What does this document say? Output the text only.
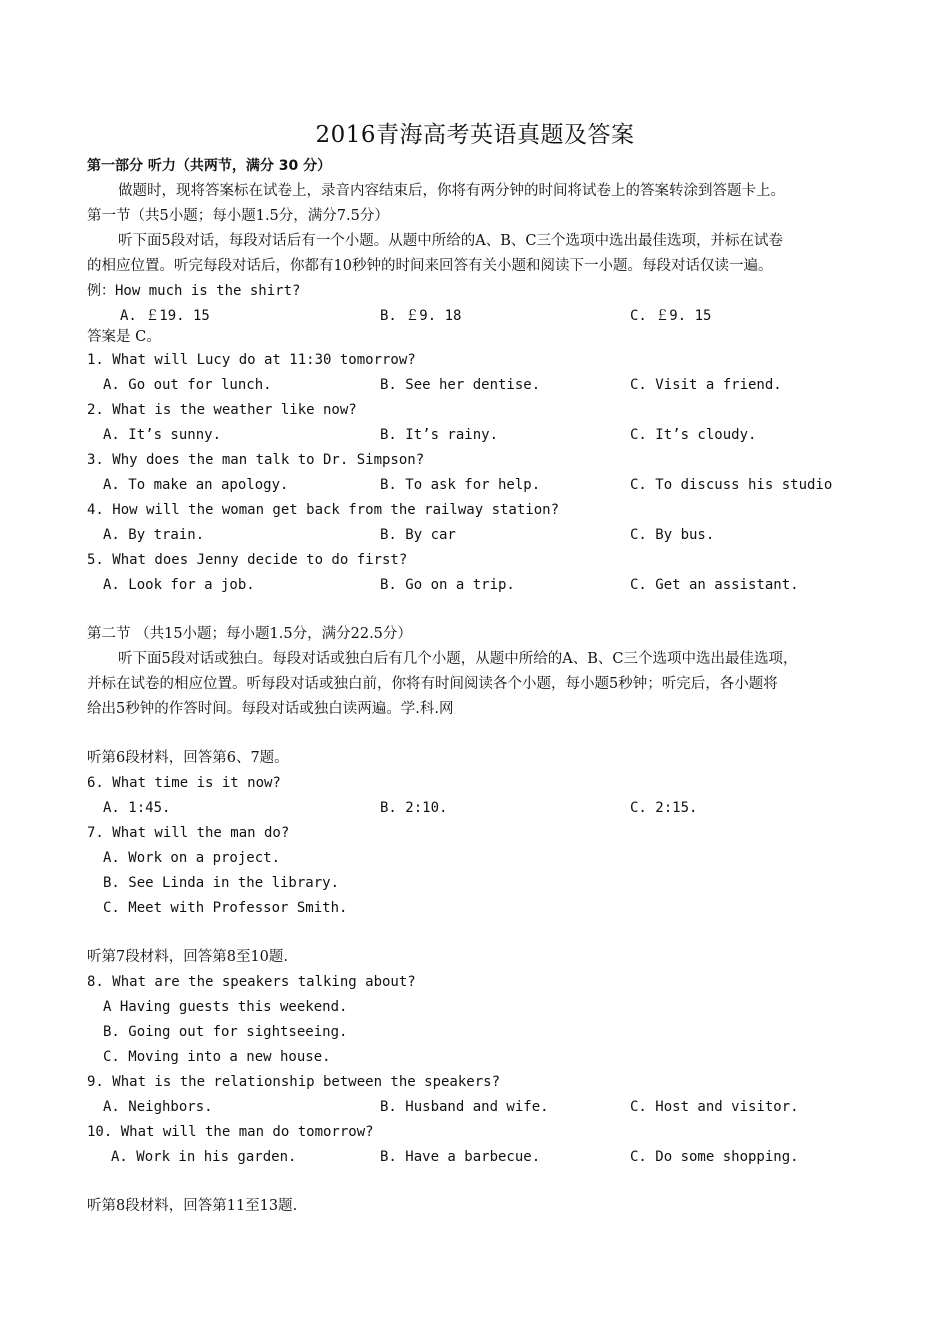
2016青海高考英语真题及答案
第一部分 听力（共两节，满分 30 分）
做题时，现将答案标在试卷上，录音内容结束后，你将有两分钟的时间将试卷上的答案转涂到答题卡上。
第一节（共5小题；每小题1.5分，满分7.5分）
听下面5段对话，每段对话后有一个小题。从题中所给的A、B、C三个选项中选出最佳选项，并标在试卷
的相应位置。听完每段对话后，你都有10秒钟的时间来回答有关小题和阅读下一小题。每段对话仅读一遍。
例：How much is the shirt?
A. ￡19. 15	B. ￡9. 18	C. ￡9. 15
答案是 C。
1. What will Lucy do at 11:30 tomorrow?
A. Go out for lunch.	B. See her dentise.	C. Visit a friend.
2. What is the weather like now?
A. It’s sunny.	B. It’s rainy.	C. It’s cloudy.
3. Why does the man talk to Dr. Simpson?
A. To make an apology.	B. To ask for help.	C. To discuss his studio
4. How will the woman get back from the railway station?
A. By train.	B. By car	C. By bus.
5. What does Jenny decide to do first?
A. Look for a job.	B. Go on a trip.	C. Get an assistant.
第二节 （共15小题；每小题1.5分，满分22.5分）
听下面5段对话或独白。每段对话或独白后有几个小题，从题中所给的A、B、C三个选项中选出最佳选项，
并标在试卷的相应位置。听每段对话或独白前，你将有时间阅读各个小题，每小题5秒钟；听完后，各小题将
给出5秒钟的作答时间。每段对话或独白读两遍。学.科.网
听第6段材料，回答第6、7题。
6. What time is it now?
A. 1:45.	B. 2:10.	C. 2:15.
7. What will the man do?
A. Work on a project.
B. See Linda in the library.
C. Meet with Professor Smith.
听第7段材料，回答第8至10题.
8. What are the speakers talking about?
A Having guests this weekend.
B. Going out for sightseeing.
C. Moving into a new house.
9. What is the relationship between the speakers?
A. Neighbors.	B. Husband and wife.	C. Host and visitor.
10. What will the man do tomorrow?
A. Work in his garden.	B. Have a barbecue.	C. Do some shopping.
听第8段材料，回答第11至13题.
